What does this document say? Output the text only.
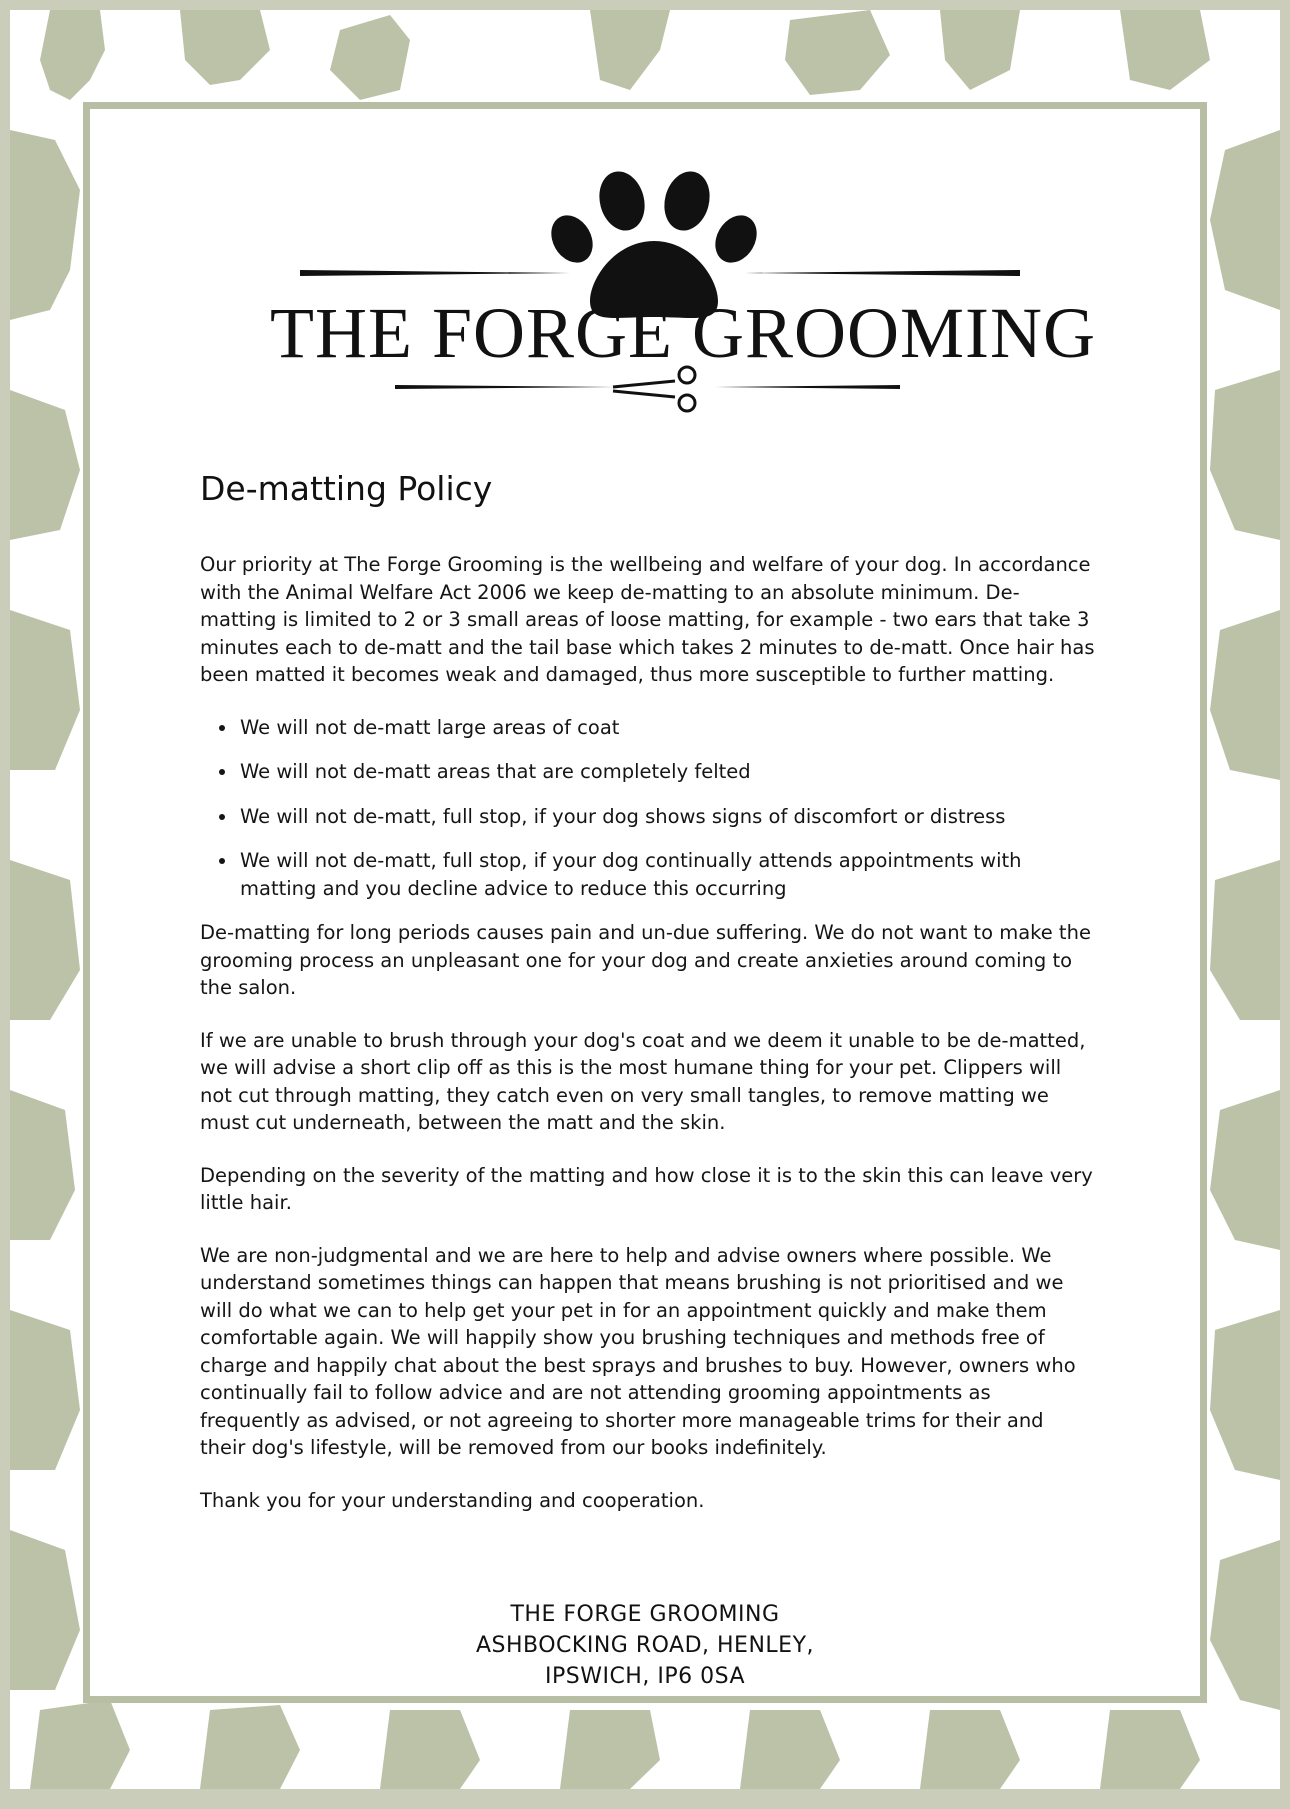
THE FORGE GROOMING
De-matting Policy

Our priority at The Forge Grooming is the wellbeing and welfare of your dog. In accordance with the Animal Welfare Act 2006 we keep de-matting to an absolute minimum. De-matting is limited to 2 or 3 small areas of loose matting, for example - two ears that take 3 minutes each to de-matt and the tail base which takes 2 minutes to de-matt. Once hair has been matted it becomes weak and damaged, thus more susceptible to further matting.

• We will not de-matt large areas of coat
• We will not de-matt areas that are completely felted
• We will not de-matt, full stop, if your dog shows signs of discomfort or distress
• We will not de-matt, full stop, if your dog continually attends appointments with matting and you decline advice to reduce this occurring

De-matting for long periods causes pain and un-due suffering. We do not want to make the grooming process an unpleasant one for your dog and create anxieties around coming to the salon.

If we are unable to brush through your dog's coat and we deem it unable to be de-matted, we will advise a short clip off as this is the most humane thing for your pet. Clippers will not cut through matting, they catch even on very small tangles, to remove matting we must cut underneath, between the matt and the skin.

Depending on the severity of the matting and how close it is to the skin this can leave very little hair.

We are non-judgmental and we are here to help and advise owners where possible. We understand sometimes things can happen that means brushing is not prioritised and we will do what we can to help get your pet in for an appointment quickly and make them comfortable again. We will happily show you brushing techniques and methods free of charge and happily chat about the best sprays and brushes to buy. However, owners who continually fail to follow advice and are not attending grooming appointments as frequently as advised, or not agreeing to shorter more manageable trims for their and their dog's lifestyle, will be removed from our books indefinitely.

Thank you for your understanding and cooperation.

THE FORGE GROOMING
ASHBOCKING ROAD, HENLEY,
IPSWICH, IP6 0SA
